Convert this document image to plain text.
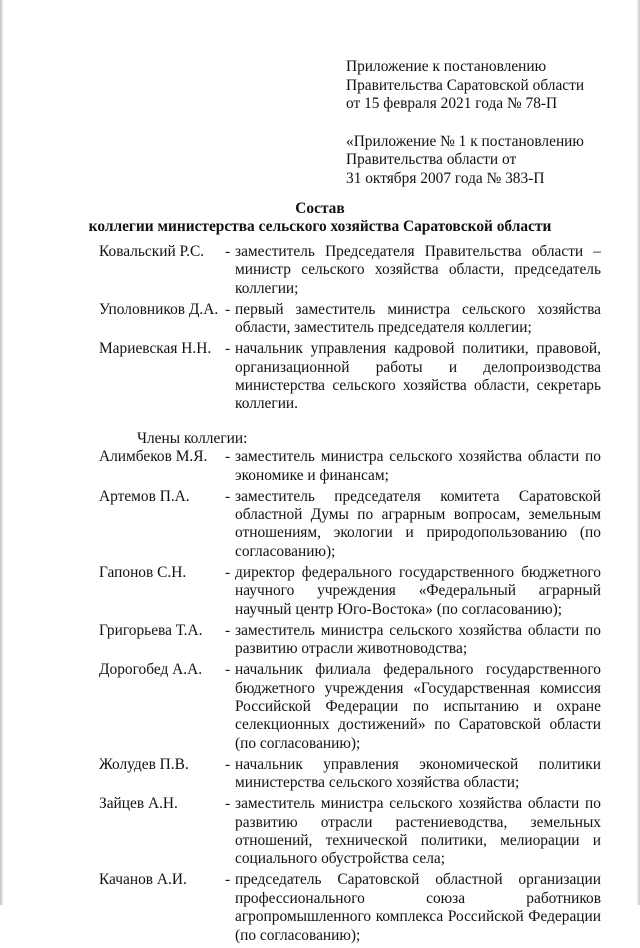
Приложение к постановлению
Правительства Саратовской области
от 15 февраля 2021 года № 78-П
«Приложение № 1 к постановлению
Правительства области от
31 октября 2007 года № 383-П
Состав
коллегии министерства сельского хозяйства Саратовской области
Ковальский Р.С.	- заместитель Председателя Правительства области – министр сельского хозяйства области, председатель коллегии;
Уполовников Д.А. - первый заместитель министра сельского хозяйства области, заместитель председателя коллегии;
Мариевская Н.Н. - начальник управления кадровой политики, правовой, организационной работы и делопроизводства министерства сельского хозяйства области, секретарь коллегии.
Члены коллегии:
Алимбеков М.Я.	- заместитель министра сельского хозяйства области по экономике и финансам;
Артемов П.А.	- заместитель председателя комитета Саратовской областной Думы по аграрным вопросам, земельным отношениям, экологии и природопользованию (по согласованию);
Гапонов С.Н.	- директор федерального государственного бюджетного научного учреждения «Федеральный аграрный научный центр Юго-Востока» (по согласованию);
Григорьева Т.А.	- заместитель министра сельского хозяйства области по развитию отрасли животноводства;
Дорогобед А.А.	- начальник филиала федерального государственного бюджетного учреждения «Государственная комиссия Российской Федерации по испытанию и охране селекционных достижений» по Саратовской области (по согласованию);
Жолудев П.В.	- начальник управления экономической политики министерства сельского хозяйства области;
Зайцев А.Н.	- заместитель министра сельского хозяйства области по развитию отрасли растениеводства, земельных отношений, технической политики, мелиорации и социального обустройства села;
Качанов А.И.	- председатель Саратовской областной организации профессионального союза работников агропромышленного комплекса Российской Федерации (по согласованию);
